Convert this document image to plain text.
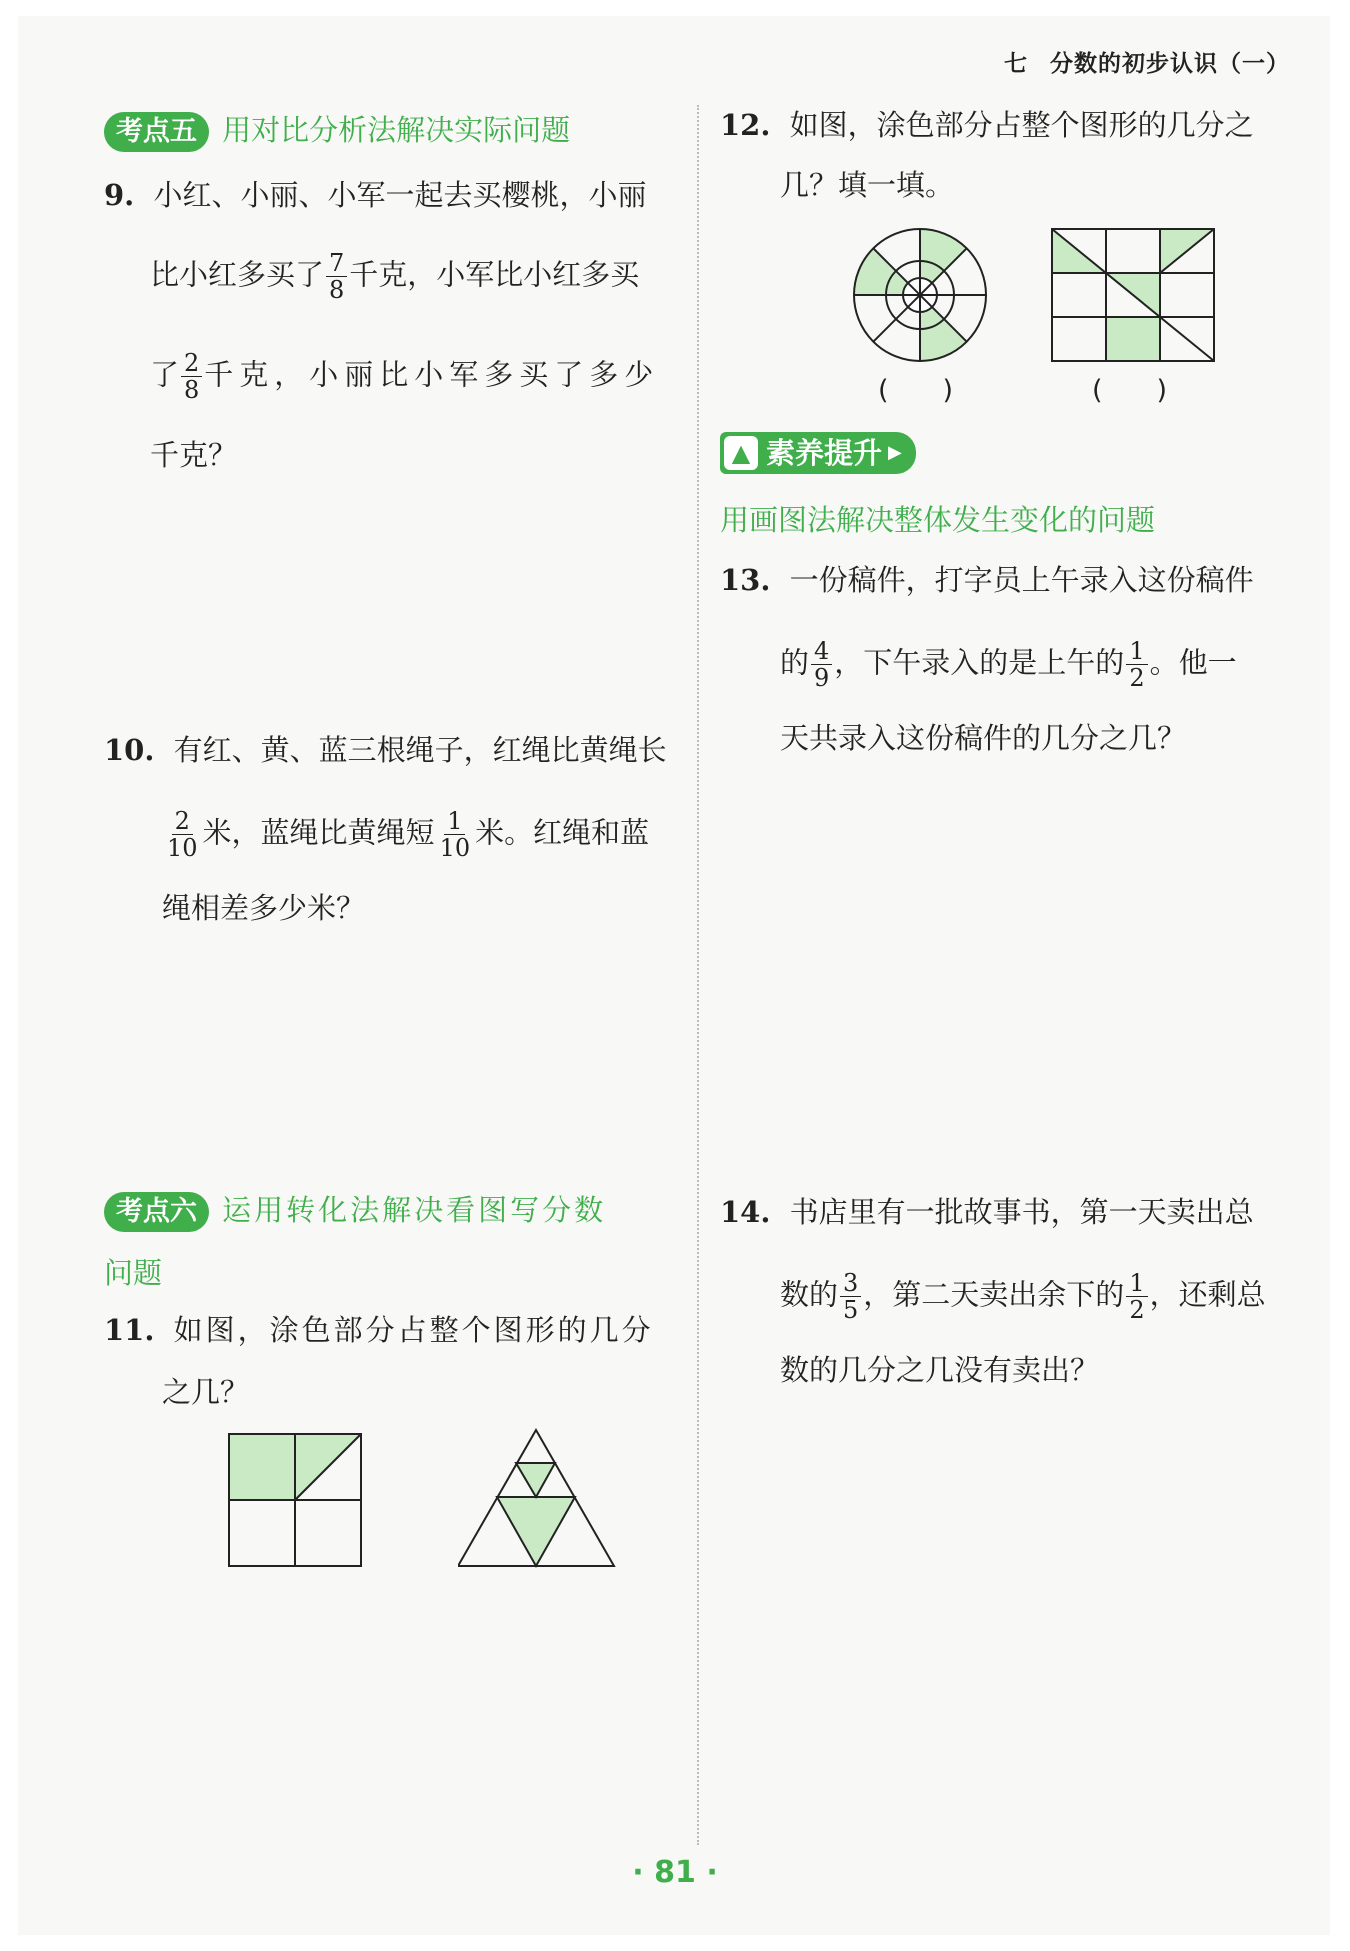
七 分数的初步认识（一）
考点五 用对比分析法解决实际问题
9. 小红、小丽、小军一起去买樱桃，小丽
比小红多买了 $\frac{7}{8}$ 千克，小军比小红多买
了 $\frac{2}{8}$ 千克，小丽比小军多买了多少
千克？
10. 有红、黄、蓝三根绳子，红绳比黄绳长
$\frac{2}{10}$ 米，蓝绳比黄绳短 $\frac{1}{10}$ 米。红绳和蓝
绳相差多少米？
考点六 运用转化法解决看图写分数
问题
11. 如图，涂色部分占整个图形的几分
之几？
12. 如图，涂色部分占整个图形的几分之
几？填一填。
(　　)	(　　)
▲ 素养提升 ▶
用画图法解决整体发生变化的问题
13. 一份稿件，打字员上午录入这份稿件
的 $\frac{4}{9}$ ，下午录入的是上午的 $\frac{1}{2}$ 。他一
天共录入这份稿件的几分之几？
14. 书店里有一批故事书，第一天卖出总
数的 $\frac{3}{5}$ ，第二天卖出余下的 $\frac{1}{2}$ ，还剩总
数的几分之几没有卖出？
· 81 ·
